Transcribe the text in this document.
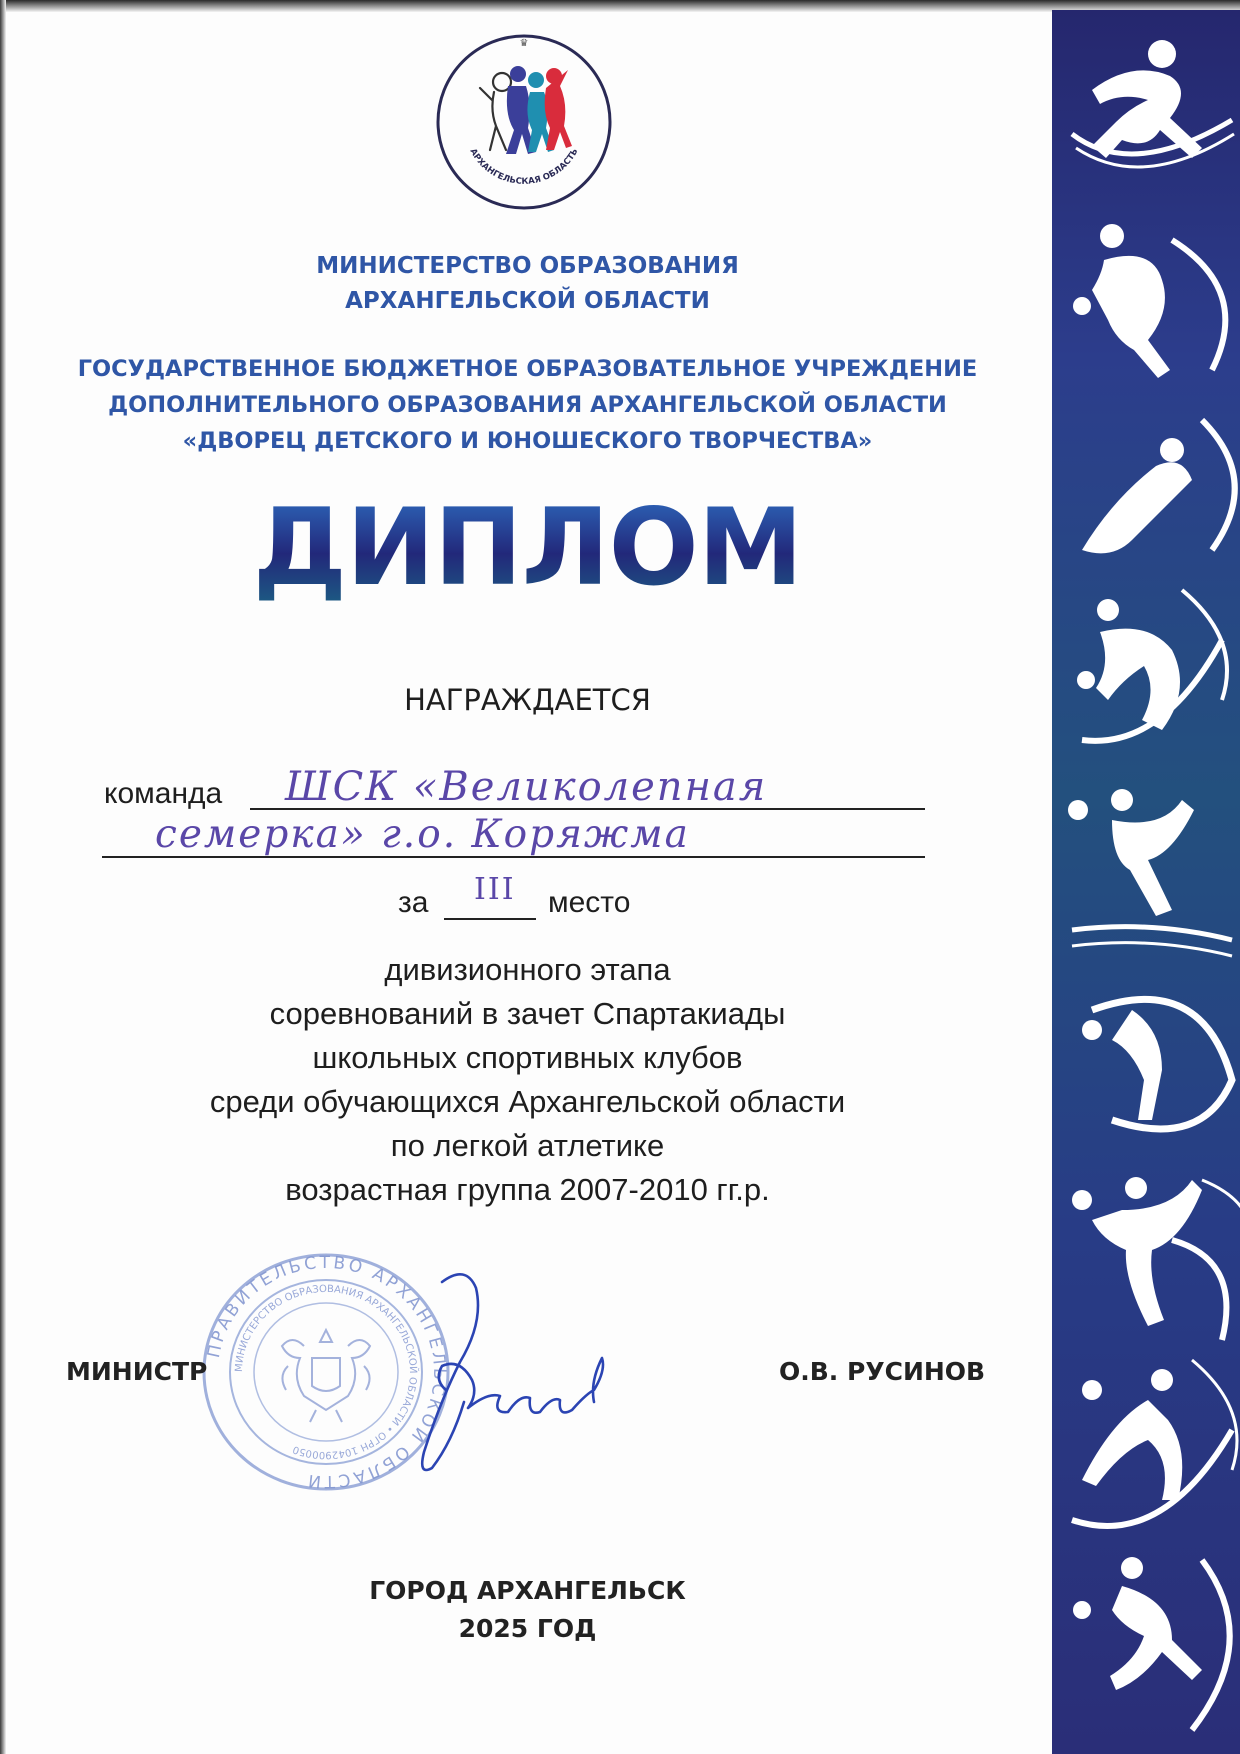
♛
АРХАНГЕЛЬСКАЯ ОБЛАСТЬ
МИНИСТЕРСТВО ОБРАЗОВАНИЯ
АРХАНГЕЛЬСКОЙ ОБЛАСТИ
ГОСУДАРСТВЕННОЕ БЮДЖЕТНОЕ ОБРАЗОВАТЕЛЬНОЕ УЧРЕЖДЕНИЕ
ДОПОЛНИТЕЛЬНОГО ОБРАЗОВАНИЯ АРХАНГЕЛЬСКОЙ ОБЛАСТИ
«ДВОРЕЦ ДЕТСКОГО И ЮНОШЕСКОГО ТВОРЧЕСТВА»
ДИПЛОМ
НАГРАЖДАЕТСЯ
команда ШСК «Великолепная
семерка» г.о. Коряжма
за III место
дивизионного этапа
соревнований в зачет Спартакиады
школьных спортивных клубов
среди обучающихся Архангельской области
по легкой атлетике
возрастная группа 2007-2010 гг.р.
ПРАВИТЕЛЬСТВО АРХАНГЕЛЬСКОЙ ОБЛАСТИ
МИНИСТЕРСТВО ОБРАЗОВАНИЯ АРХАНГЕЛЬСКОЙ ОБЛАСТИ • ОГРН 1042900050
МИНИСТР	О.В. РУСИНОВ
ГОРОД АРХАНГЕЛЬСК
2025 ГОД
